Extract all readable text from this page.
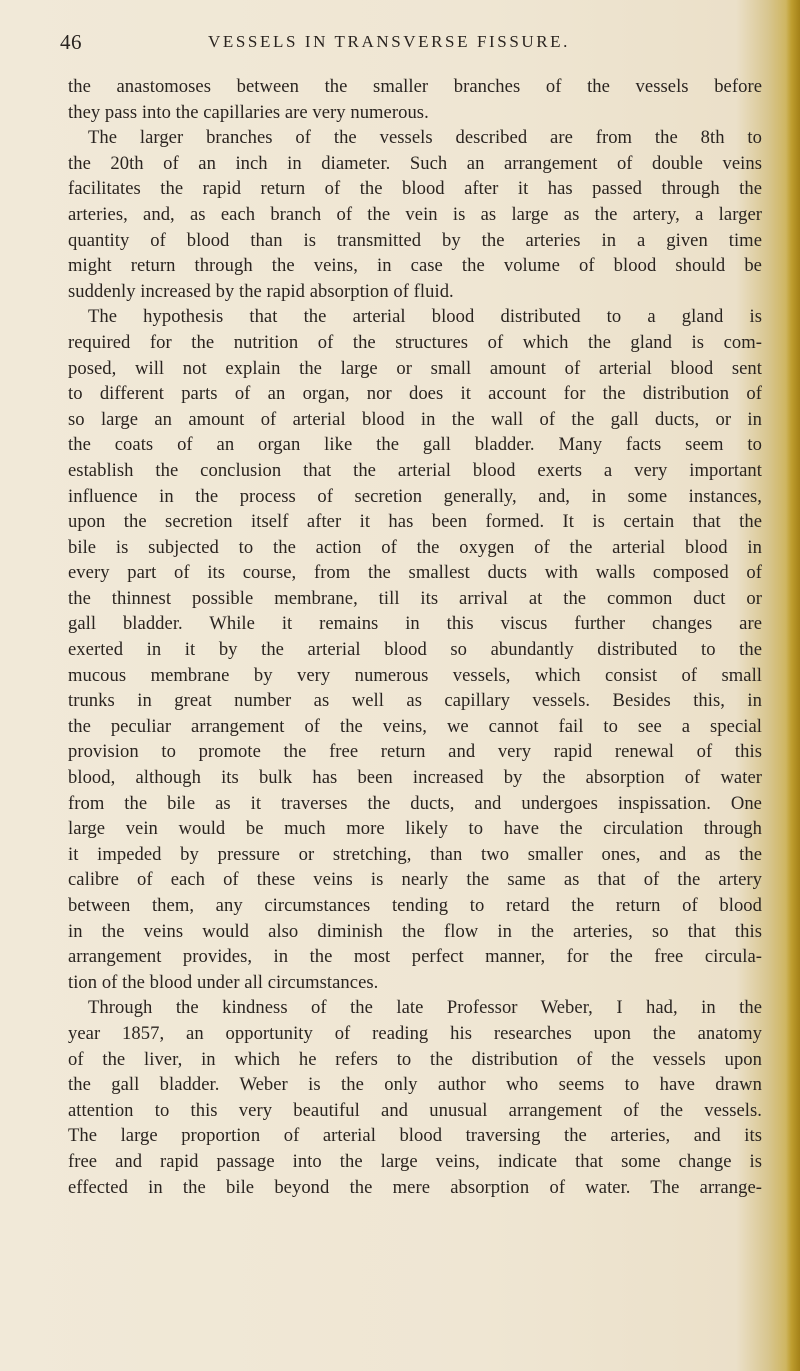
46	VESSELS IN TRANSVERSE FISSURE.
the anastomoses between the smaller branches of the vessels before
they pass into the capillaries are very numerous.
The larger branches of the vessels described are from the 8th to
the 20th of an inch in diameter. Such an arrangement of double veins
facilitates the rapid return of the blood after it has passed through the
arteries, and, as each branch of the vein is as large as the artery, a larger
quantity of blood than is transmitted by the arteries in a given time
might return through the veins, in case the volume of blood should be
suddenly increased by the rapid absorption of fluid.
The hypothesis that the arterial blood distributed to a gland is
required for the nutrition of the structures of which the gland is com-
posed, will not explain the large or small amount of arterial blood sent
to different parts of an organ, nor does it account for the distribution of
so large an amount of arterial blood in the wall of the gall ducts, or in
the coats of an organ like the gall bladder. Many facts seem to
establish the conclusion that the arterial blood exerts a very important
influence in the process of secretion generally, and, in some instances,
upon the secretion itself after it has been formed. It is certain that the
bile is subjected to the action of the oxygen of the arterial blood in
every part of its course, from the smallest ducts with walls composed of
the thinnest possible membrane, till its arrival at the common duct or
gall bladder. While it remains in this viscus further changes are
exerted in it by the arterial blood so abundantly distributed to the
mucous membrane by very numerous vessels, which consist of small
trunks in great number as well as capillary vessels. Besides this, in
the peculiar arrangement of the veins, we cannot fail to see a special
provision to promote the free return and very rapid renewal of this
blood, although its bulk has been increased by the absorption of water
from the bile as it traverses the ducts, and undergoes inspissation. One
large vein would be much more likely to have the circulation through
it impeded by pressure or stretching, than two smaller ones, and as the
calibre of each of these veins is nearly the same as that of the artery
between them, any circumstances tending to retard the return of blood
in the veins would also diminish the flow in the arteries, so that this
arrangement provides, in the most perfect manner, for the free circula-
tion of the blood under all circumstances.
Through the kindness of the late Professor Weber, I had, in the
year 1857, an opportunity of reading his researches upon the anatomy
of the liver, in which he refers to the distribution of the vessels upon
the gall bladder. Weber is the only author who seems to have drawn
attention to this very beautiful and unusual arrangement of the vessels.
The large proportion of arterial blood traversing the arteries, and its
free and rapid passage into the large veins, indicate that some change is
effected in the bile beyond the mere absorption of water. The arrange-
